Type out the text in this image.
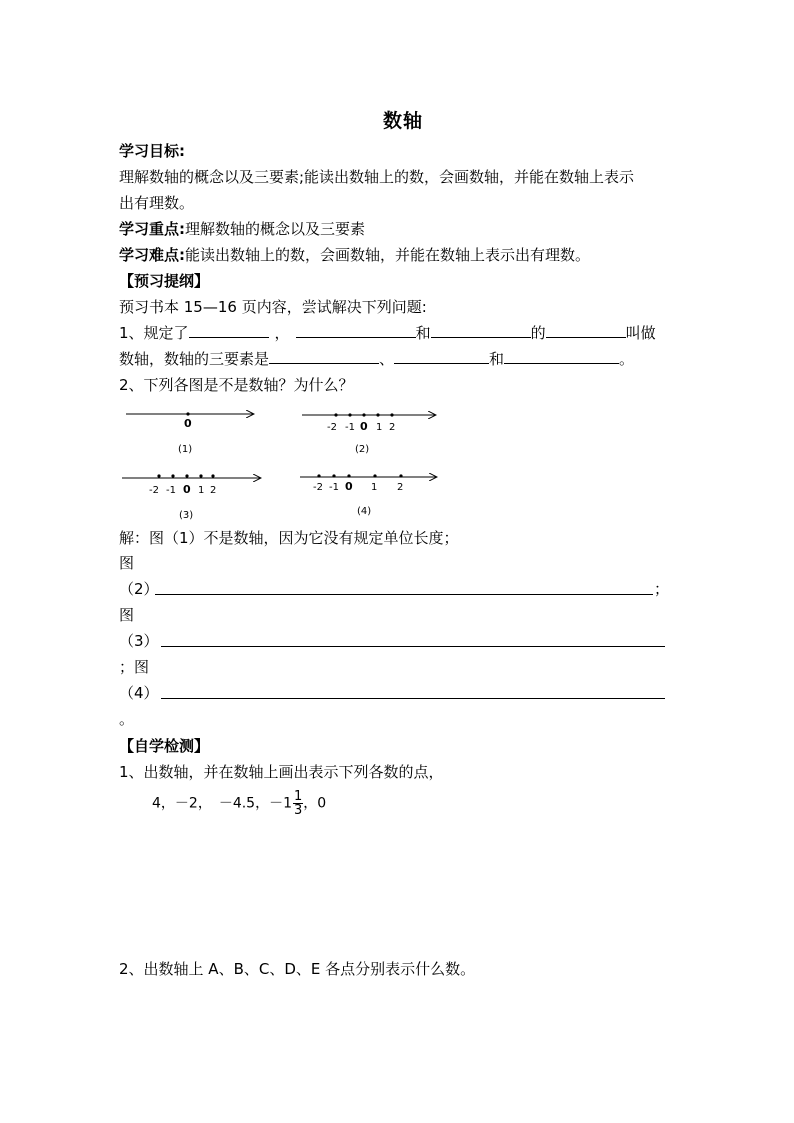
数轴
学习目标:
理解数轴的概念以及三要素;能读出数轴上的数，会画数轴，并能在数轴上表示
出有理数。
学习重点:理解数轴的概念以及三要素
学习难点:能读出数轴上的数，会画数轴，并能在数轴上表示出有理数。
【预习提纲】
预习书本 15—16 页内容，尝试解决下列问题:
1、规定了	，	和	的	叫做
数轴，数轴的三要素是	、	和	。
2、下列各图是不是数轴？为什么？
0
(1)
-2 -1 0 1 2
(2)
-2 -1 0 1 2
(3)
-2 -1 0 1 2
(4)
解：图（1）不是数轴，因为它没有规定单位长度；
图
（2）	；
图
（3）
；图
（4）
。
【自学检测】
1、出数轴，并在数轴上画出表示下列各数的点，
4，－2，　－4.5，$-1 \frac{1}{3}$ ，0
2、出数轴上 A、B、C、D、E 各点分别表示什么数。
